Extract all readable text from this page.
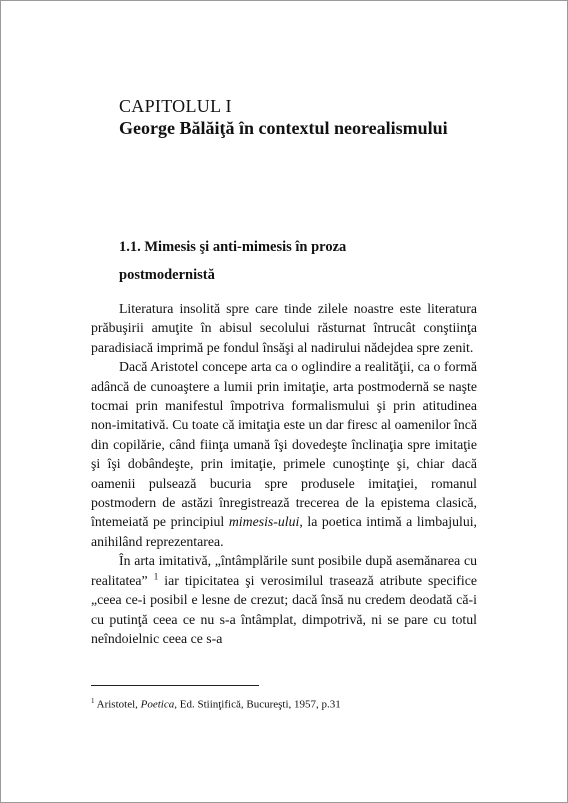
CAPITOLUL I
George Bălăiţă în contextul neorealismului
1.1. Mimesis şi anti-mimesis în proza postmodernistă

Literatura insolită spre care tinde zilele noastre este literatura prăbuşirii amuţite în abisul secolului răsturnat întrucât conştiinţa paradisiacă imprimă pe fondul însăşi al nadirului nădejdea spre zenit.

Dacă Aristotel concepe arta ca o oglindire a realităţii, ca o formă adâncă de cunoaştere a lumii prin imitaţie, arta postmodernă se naşte tocmai prin manifestul împotriva formalismului şi prin atitudinea non-imitativă. Cu toate că imitaţia este un dar firesc al oamenilor încă din copilărie, când fiinţa umană îşi dovedeşte înclinaţia spre imitaţie şi îşi dobândeşte, prin imitaţie, primele cunoştinţe şi, chiar dacă oamenii pulsează bucuria spre produsele imitaţiei, romanul postmodern de astăzi înregistrează trecerea de la epistema clasică, întemeiată pe principiul mimesis-ului, la poetica intimă a limbajului, anihilând reprezentarea.

În arta imitativă, „întâmplările sunt posibile după asemănarea cu realitatea” $^1$ iar tipicitatea şi verosimilul trasează atribute specifice „ceea ce-i posibil e lesne de crezut; dacă însă nu credem deodată că-i cu putinţă ceea ce nu s-a întâmplat, dimpotrivă, ni se pare cu totul neîndoielnic ceea ce s-a

$^1$ Aristotel, Poetica, Ed. Stiinţifică, Bucureşti, 1957, p.31
